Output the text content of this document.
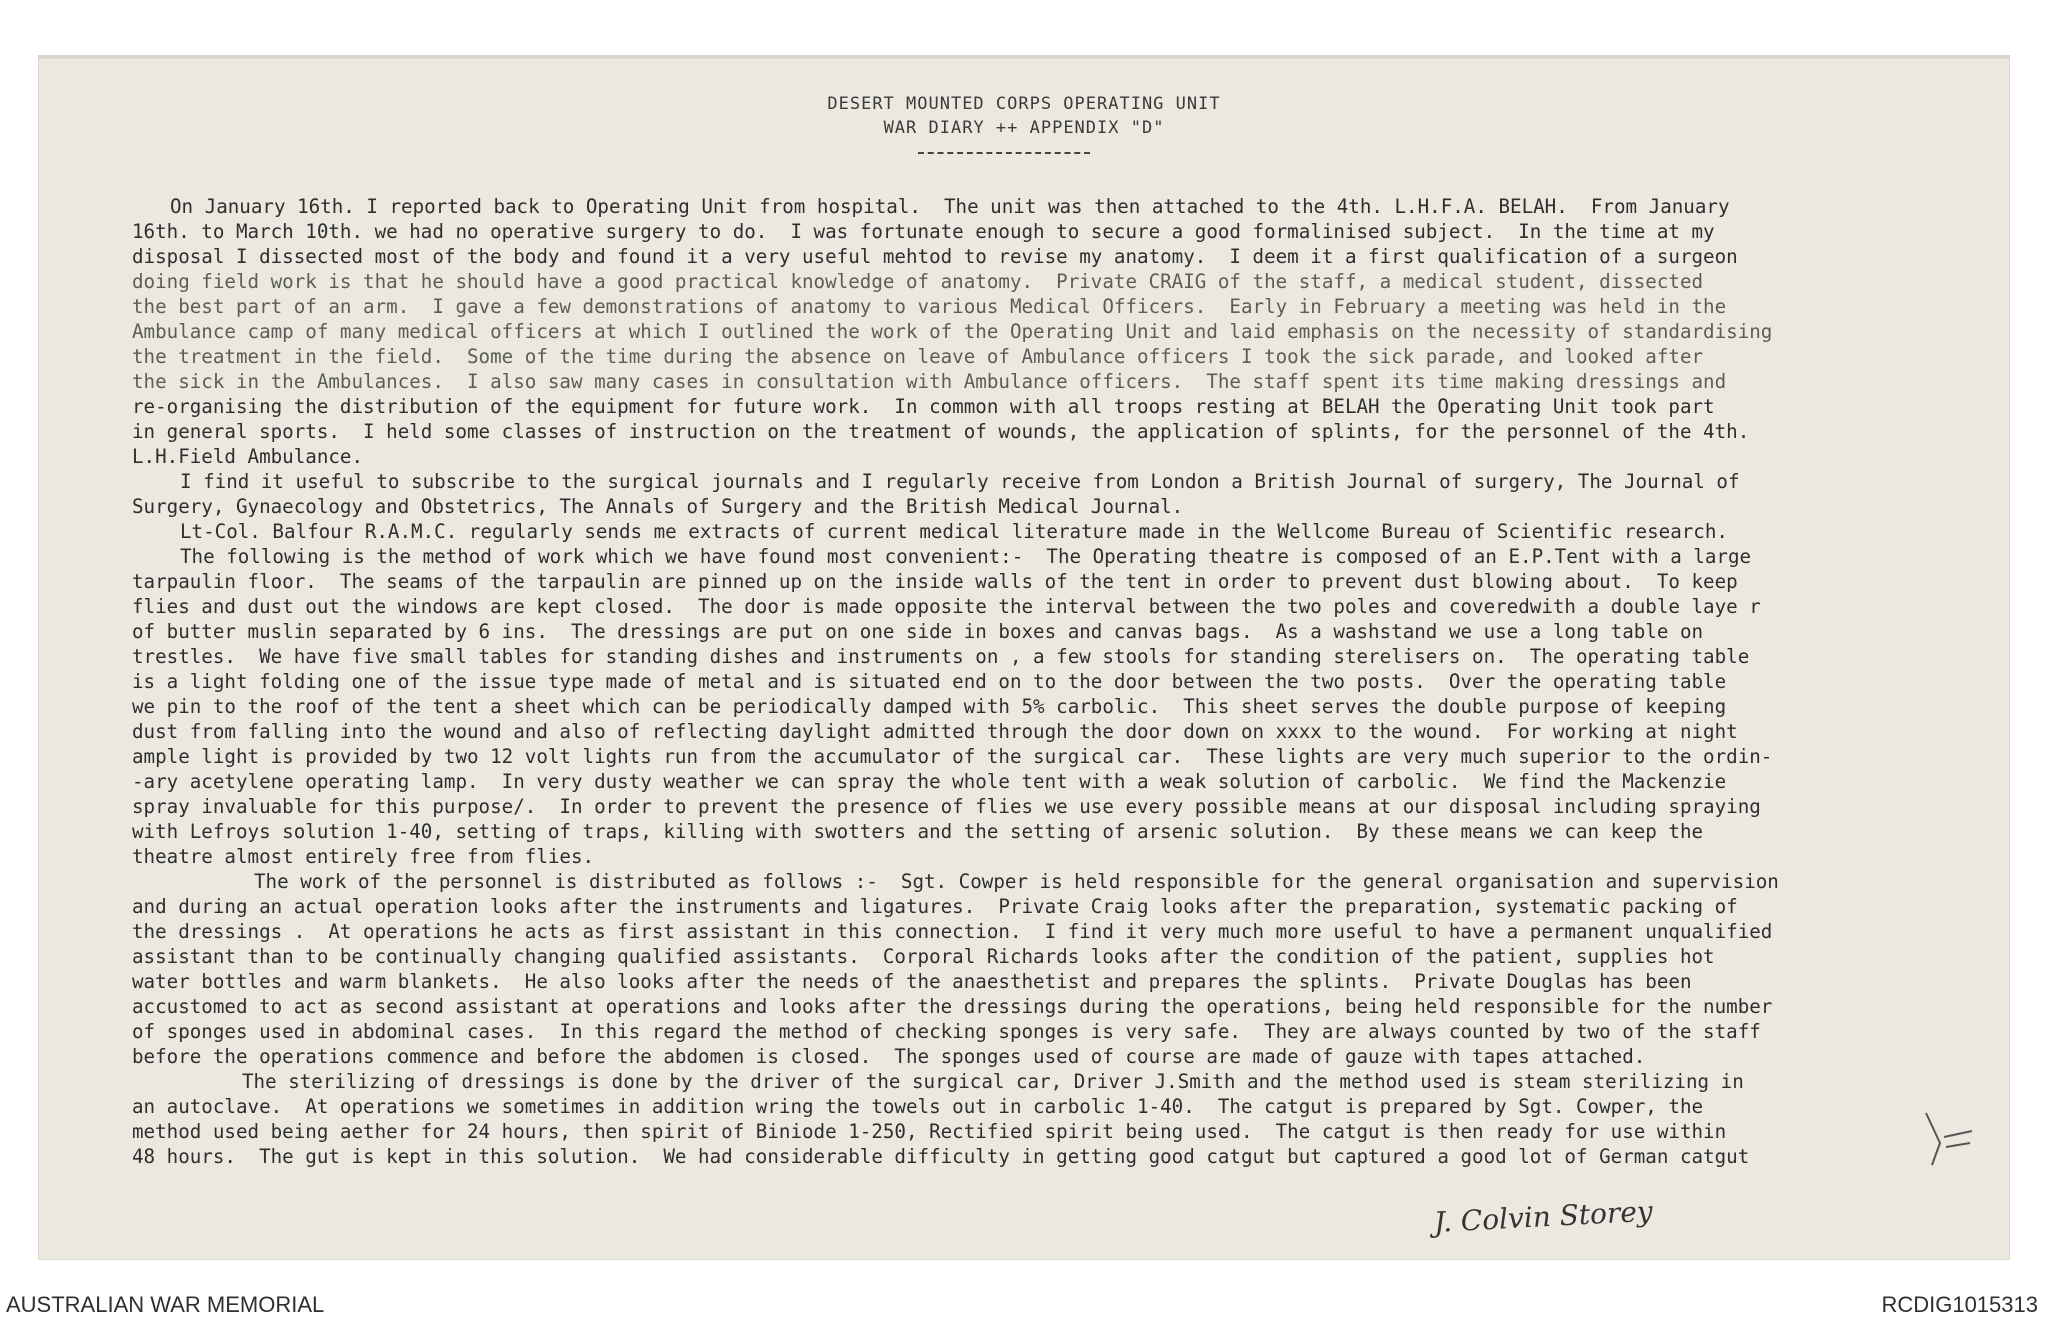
DESERT MOUNTED CORPS OPERATING UNIT
WAR DIARY ++ APPENDIX "D"
On January 16th. I reported back to Operating Unit from hospital.  The unit was then attached to the 4th. L.H.F.A. BELAH.  From January
16th. to March 10th. we had no operative surgery to do.  I was fortunate enough to secure a good formalinised subject.  In the time at my
disposal I dissected most of the body and found it a very useful mehtod to revise my anatomy.  I deem it a first qualification of a surgeon
doing field work is that he should have a good practical knowledge of anatomy.  Private CRAIG of the staff, a medical student, dissected
the best part of an arm.  I gave a few demonstrations of anatomy to various Medical Officers.  Early in February a meeting was held in the
Ambulance camp of many medical officers at which I outlined the work of the Operating Unit and laid emphasis on the necessity of standardising
the treatment in the field.  Some of the time during the absence on leave of Ambulance officers I took the sick parade, and looked after
the sick in the Ambulances.  I also saw many cases in consultation with Ambulance officers.  The staff spent its time making dressings and
re-organising the distribution of the equipment for future work.  In common with all troops resting at BELAH the Operating Unit took part
in general sports.  I held some classes of instruction on the treatment of wounds, the application of splints, for the personnel of the 4th.
L.H.Field Ambulance.
I find it useful to subscribe to the surgical journals and I regularly receive from London a British Journal of surgery, The Journal of
Surgery, Gynaecology and Obstetrics, The Annals of Surgery and the British Medical Journal.
Lt-Col. Balfour R.A.M.C. regularly sends me extracts of current medical literature made in the Wellcome Bureau of Scientific research.
The following is the method of work which we have found most convenient:-  The Operating theatre is composed of an E.P.Tent with a large
tarpaulin floor.  The seams of the tarpaulin are pinned up on the inside walls of the tent in order to prevent dust blowing about.  To keep
flies and dust out the windows are kept closed.  The door is made opposite the interval between the two poles and coveredwith a double laye r
of butter muslin separated by 6 ins.  The dressings are put on one side in boxes and canvas bags.  As a washstand we use a long table on
trestles.  We have five small tables for standing dishes and instruments on , a few stools for standing sterelisers on.  The operating table
is a light folding one of the issue type made of metal and is situated end on to the door between the two posts.  Over the operating table
we pin to the roof of the tent a sheet which can be periodically damped with 5% carbolic.  This sheet serves the double purpose of keeping
dust from falling into the wound and also of reflecting daylight admitted through the door down on xxxx to the wound.  For working at night
ample light is provided by two 12 volt lights run from the accumulator of the surgical car.  These lights are very much superior to the ordin-
-ary acetylene operating lamp.  In very dusty weather we can spray the whole tent with a weak solution of carbolic.  We find the Mackenzie
spray invaluable for this purpose/.  In order to prevent the presence of flies we use every possible means at our disposal including spraying
with Lefroys solution 1-40, setting of traps, killing with swotters and the setting of arsenic solution.  By these means we can keep the
theatre almost entirely free from flies.
The work of the personnel is distributed as follows :-  Sgt. Cowper is held responsible for the general organisation and supervision
and during an actual operation looks after the instruments and ligatures.  Private Craig looks after the preparation, systematic packing of
the dressings .  At operations he acts as first assistant in this connection.  I find it very much more useful to have a permanent unqualified
assistant than to be continually changing qualified assistants.  Corporal Richards looks after the condition of the patient, supplies hot
water bottles and warm blankets.  He also looks after the needs of the anaesthetist and prepares the splints.  Private Douglas has been
accustomed to act as second assistant at operations and looks after the dressings during the operations, being held responsible for the number
of sponges used in abdominal cases.  In this regard the method of checking sponges is very safe.  They are always counted by two of the staff
before the operations commence and before the abdomen is closed.  The sponges used of course are made of gauze with tapes attached.
The sterilizing of dressings is done by the driver of the surgical car, Driver J.Smith and the method used is steam sterilizing in
an autoclave.  At operations we sometimes in addition wring the towels out in carbolic 1-40.  The catgut is prepared by Sgt. Cowper, the
method used being aether for 24 hours, then spirit of Biniode 1-250, Rectified spirit being used.  The catgut is then ready for use within
48 hours.  The gut is kept in this solution.  We had considerable difficulty in getting good catgut but captured a good lot of German catgut
J. Colvin Storey
AUSTRALIAN WAR MEMORIAL	RCDIG1015313
